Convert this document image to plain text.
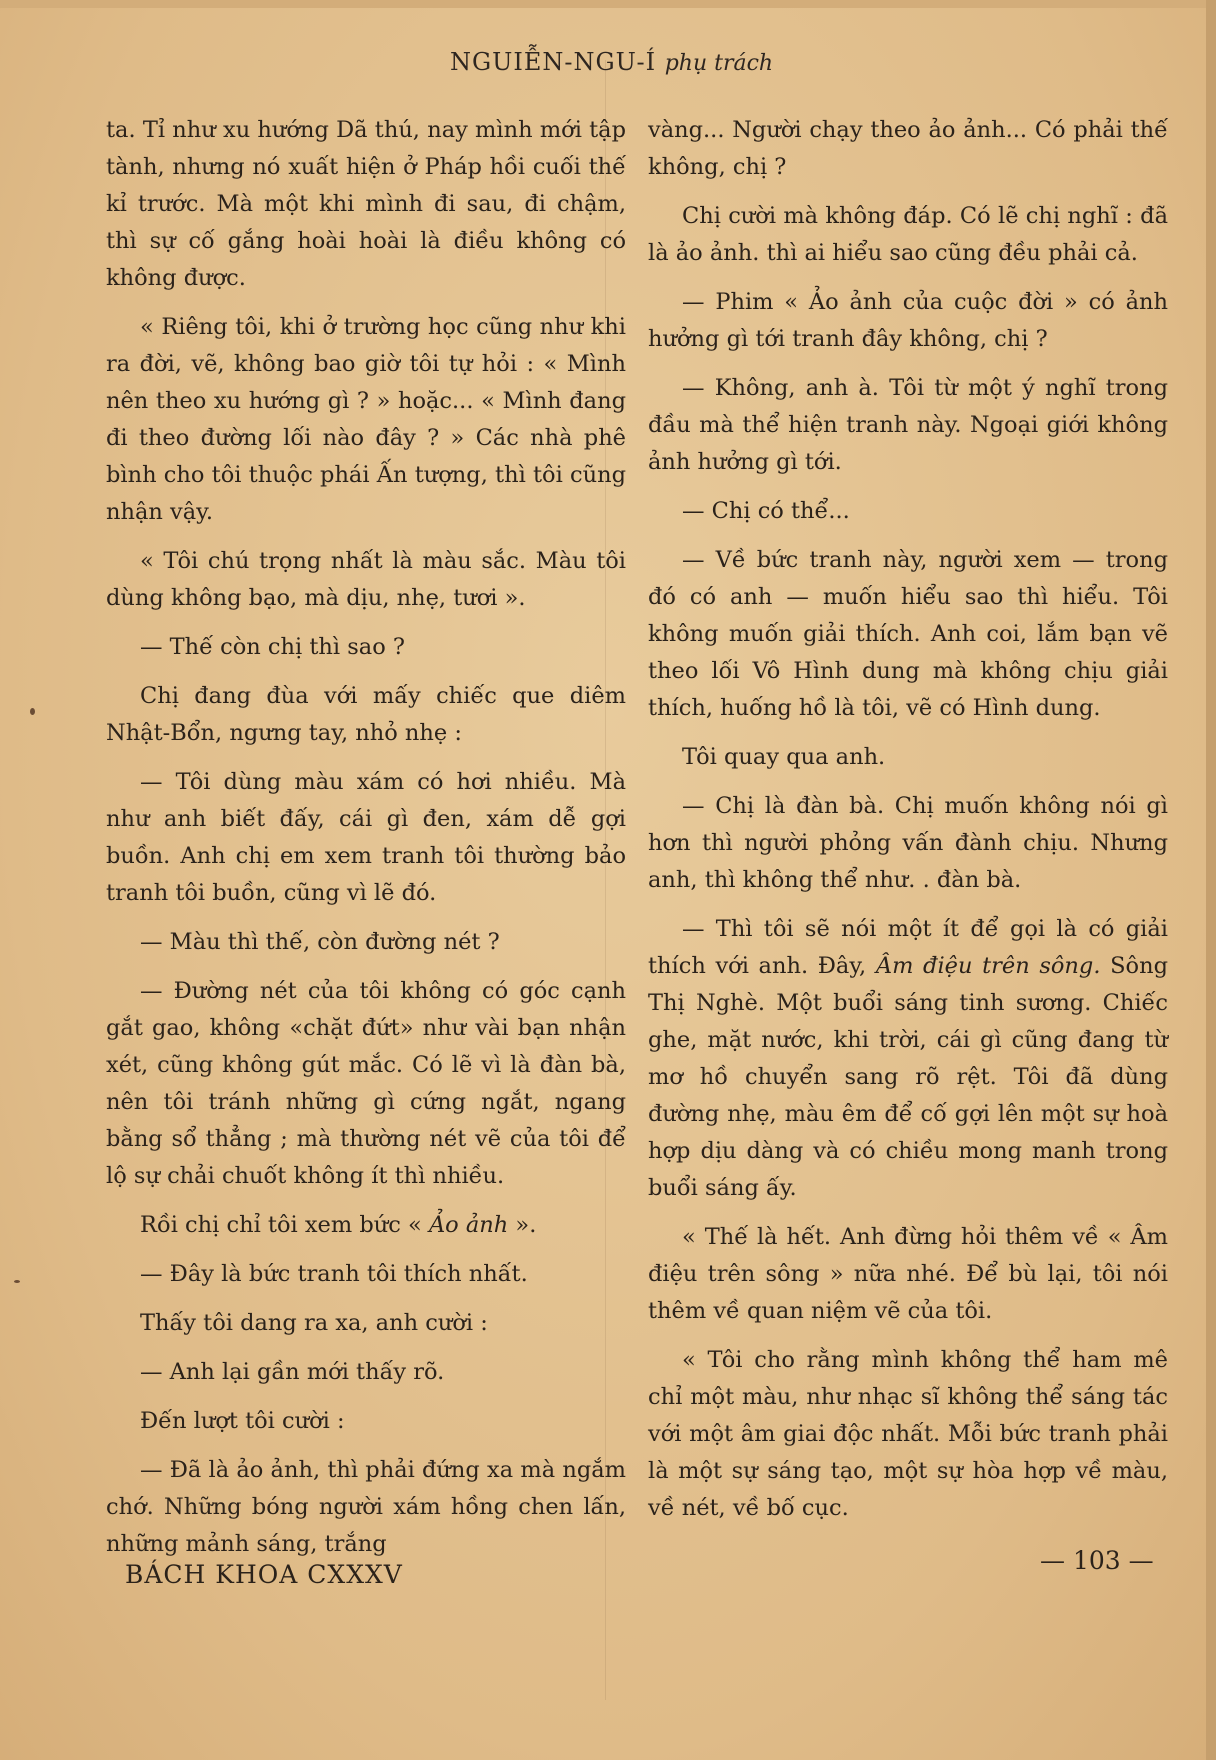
NGUIỄN-NGU-Í phụ trách

ta. Tỉ như xu hướng Dã thú, nay mình mới tập tành, nhưng nó xuất hiện ở Pháp hồi cuối thế kỉ trước. Mà một khi mình đi sau, đi chậm, thì sự cố gắng hoài hoài là điều không có không được.

« Riêng tôi, khi ở trường học cũng như khi ra đời, vẽ, không bao giờ tôi tự hỏi : « Mình nên theo xu hướng gì ? » hoặc... « Mình đang đi theo đường lối nào đây ? » Các nhà phê bình cho tôi thuộc phái Ấn tượng, thì tôi cũng nhận vậy.

« Tôi chú trọng nhất là màu sắc. Màu tôi dùng không bạo, mà dịu, nhẹ, tươi ».

— Thế còn chị thì sao ?

Chị đang đùa với mấy chiếc que diêm Nhật-Bổn, ngưng tay, nhỏ nhẹ :

— Tôi dùng màu xám có hơi nhiều. Mà như anh biết đấy, cái gì đen, xám dễ gợi buồn. Anh chị em xem tranh tôi thường bảo tranh tôi buồn, cũng vì lẽ đó.

— Màu thì thế, còn đường nét ?

— Đường nét của tôi không có góc cạnh gắt gao, không «chặt đứt» như vài bạn nhận xét, cũng không gút mắc. Có lẽ vì là đàn bà, nên tôi tránh những gì cứng ngắt, ngang bằng sổ thẳng ; mà thường nét vẽ của tôi để lộ sự chải chuốt không ít thì nhiều.

Rồi chị chỉ tôi xem bức « Ảo ảnh ».

— Đây là bức tranh tôi thích nhất.

Thấy tôi dang ra xa, anh cười :

— Anh lại gần mới thấy rõ.

Đến lượt tôi cười :

— Đã là ảo ảnh, thì phải đứng xa mà ngắm chớ. Những bóng người xám hồng chen lấn, những mảnh sáng, trắng

vàng... Người chạy theo ảo ảnh... Có phải thế không, chị ?

Chị cười mà không đáp. Có lẽ chị nghĩ : đã là ảo ảnh. thì ai hiểu sao cũng đều phải cả.

— Phim « Ảo ảnh của cuộc đời » có ảnh hưởng gì tới tranh đây không, chị ?

— Không, anh à. Tôi từ một ý nghĩ trong đầu mà thể hiện tranh này. Ngoại giới không ảnh hưởng gì tới.

— Chị có thể...

— Về bức tranh này, người xem — trong đó có anh — muốn hiểu sao thì hiểu. Tôi không muốn giải thích. Anh coi, lắm bạn vẽ theo lối Vô Hình dung mà không chịu giải thích, huống hồ là tôi, vẽ có Hình dung.

Tôi quay qua anh.

— Chị là đàn bà. Chị muốn không nói gì hơn thì người phỏng vấn đành chịu. Nhưng anh, thì không thể như. . đàn bà.

— Thì tôi sẽ nói một ít để gọi là có giải thích với anh. Đây, Âm điệu trên sông. Sông Thị Nghè. Một buổi sáng tinh sương. Chiếc ghe, mặt nước, khi trời, cái gì cũng đang từ mơ hồ chuyển sang rõ rệt. Tôi đã dùng đường nhẹ, màu êm để cố gợi lên một sự hoà hợp dịu dàng và có chiều mong manh trong buổi sáng ấy.

« Thế là hết. Anh đừng hỏi thêm về « Âm điệu trên sông » nữa nhé. Để bù lại, tôi nói thêm về quan niệm vẽ của tôi.

« Tôi cho rằng mình không thể ham mê chỉ một màu, như nhạc sĩ không thể sáng tác với một âm giai độc nhất. Mỗi bức tranh phải là một sự sáng tạo, một sự hòa hợp về màu, về nét, về bố cục.

BÁCH KHOA CXXXV	— 103 —
